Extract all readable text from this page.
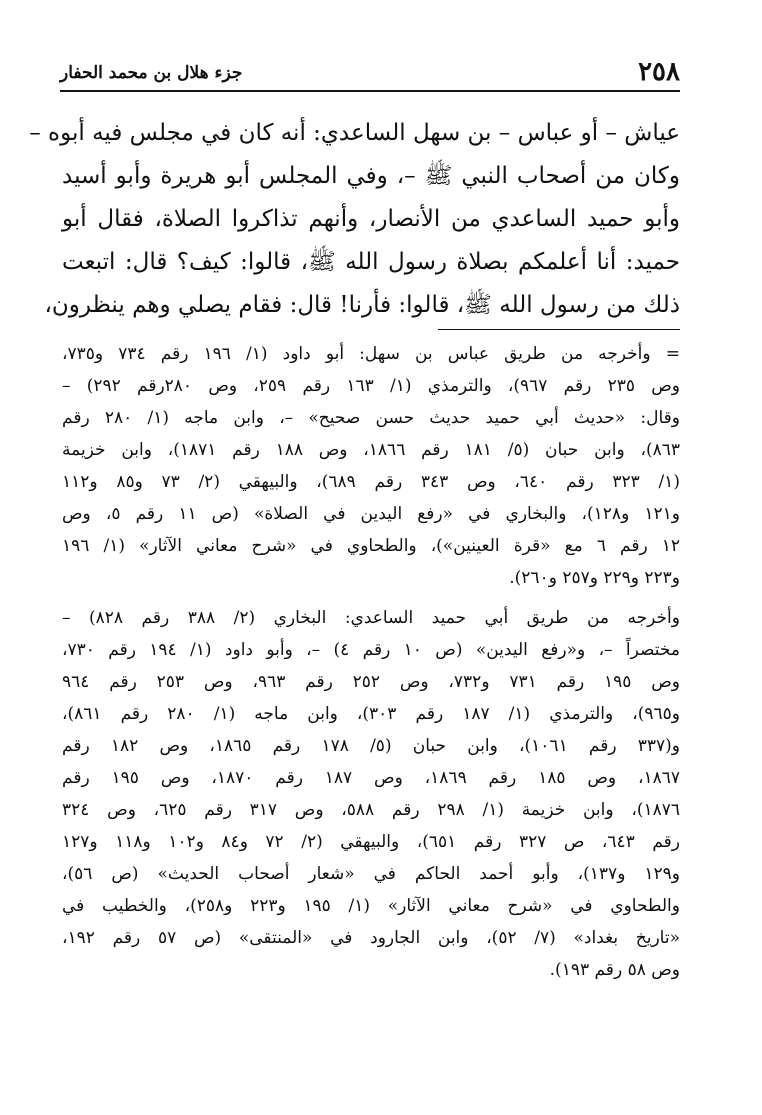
٢٥٨
جزء هلال بن محمد الحفار
عياش – أو عباس – بن سهل الساعدي: أنه كان في مجلس فيه أبوه –
وكان من أصحاب النبي ﷺ –، وفي المجلس أبو هريرة وأبو أسيد
وأبو حميد الساعدي من الأنصار، وأنهم تذاكروا الصلاة، فقال أبو
حميد: أنا أعلمكم بصلاة رسول الله ﷺ، قالوا: كيف؟ قال: اتبعت
ذلك من رسول الله ﷺ، قالوا: فأرنا! قال: فقام يصلي وهم ينظرون،
= وأخرجه من طريق عباس بن سهل: أبو داود (١/ ١٩٦ رقم ٧٣٤ و٧٣٥،
وص ٢٣٥ رقم ٩٦٧)، والترمذي (١/ ١٦٣ رقم ٢٥٩، وص ٢٨٠رقم ٢٩٢) –
وقال: «حديث أبي حميد حديث حسن صحيح» –، وابن ماجه (١/ ٢٨٠ رقم
٨٦٣)، وابن حبان (٥/ ١٨١ رقم ١٨٦٦، وص ١٨٨ رقم ١٨٧١)، وابن خزيمة
(١/ ٣٢٣ رقم ٦٤٠، وص ٣٤٣ رقم ٦٨٩)، والبيهقي (٢/ ٧٣ و٨٥ و١١٢
و١٢١ و١٢٨)، والبخاري في «رفع اليدين في الصلاة» (ص ١١ رقم ٥، وص
١٢ رقم ٦ مع «قرة العينين»)، والطحاوي في «شرح معاني الآثار» (١/ ١٩٦
و٢٢٣ و٢٢٩ و٢٥٧ و٢٦٠).
وأخرجه من طريق أبي حميد الساعدي: البخاري (٢/ ٣٨٨ رقم ٨٢٨) –
مختصراً –، و«رفع اليدين» (ص ١٠ رقم ٤) –، وأبو داود (١/ ١٩٤ رقم ٧٣٠،
وص ١٩٥ رقم ٧٣١ و٧٣٢، وص ٢٥٢ رقم ٩٦٣، وص ٢٥٣ رقم ٩٦٤
و٩٦٥)، والترمذي (١/ ١٨٧ رقم ٣٠٣)، وابن ماجه (١/ ٢٨٠ رقم ٨٦١)،
و(٣٣٧ رقم ١٠٦١)، وابن حبان (٥/ ١٧٨ رقم ١٨٦٥، وص ١٨٢ رقم
١٨٦٧، وص ١٨٥ رقم ١٨٦٩، وص ١٨٧ رقم ١٨٧٠، وص ١٩٥ رقم
١٨٧٦)، وابن خزيمة (١/ ٢٩٨ رقم ٥٨٨، وص ٣١٧ رقم ٦٢٥، وص ٣٢٤
رقم ٦٤٣، ص ٣٢٧ رقم ٦٥١)، والبيهقي (٢/ ٧٢ و٨٤ و١٠٢ و١١٨ و١٢٧
و١٢٩ و١٣٧)، وأبو أحمد الحاكم في «شعار أصحاب الحديث» (ص ٥٦)،
والطحاوي في «شرح معاني الآثار» (١/ ١٩٥ و٢٢٣ و٢٥٨)، والخطيب في
«تاريخ بغداد» (٧/ ٥٢)، وابن الجارود في «المنتقى» (ص ٥٧ رقم ١٩٢،
وص ٥٨ رقم ١٩٣).
